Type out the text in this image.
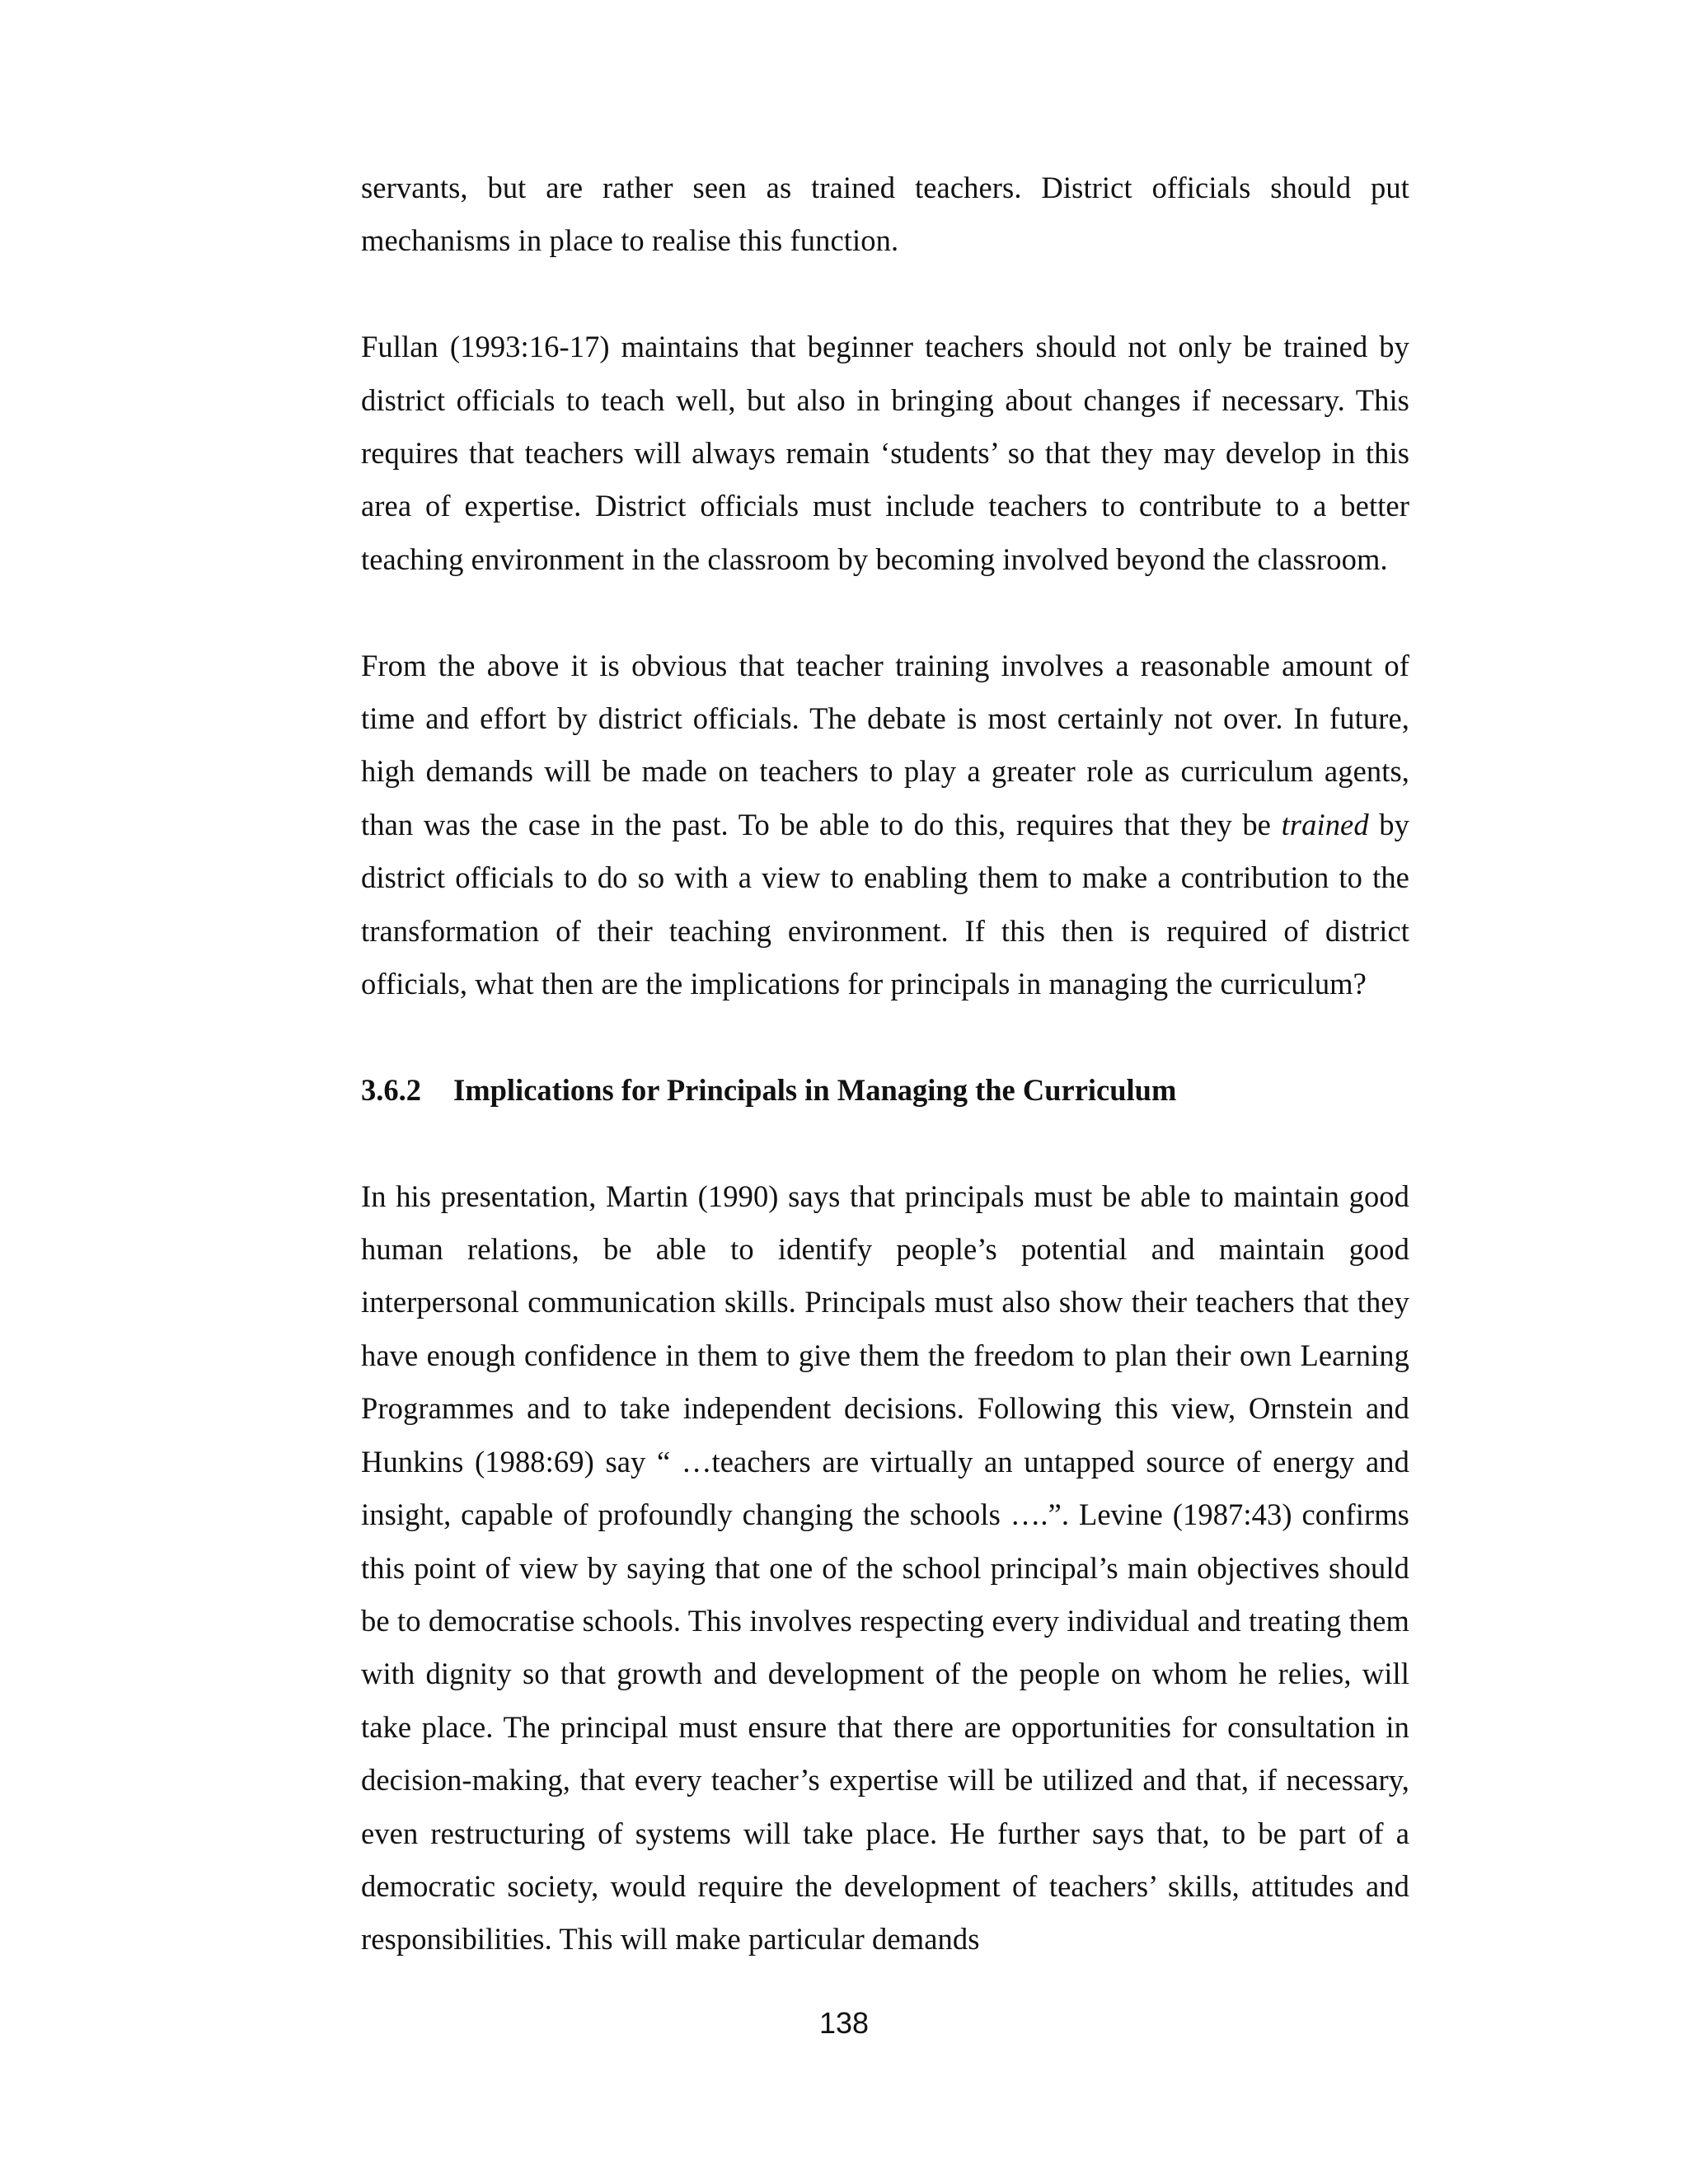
servants, but are rather seen as trained teachers. District officials should put mechanisms in place to realise this function.

Fullan (1993:16-17) maintains that beginner teachers should not only be trained by district officials to teach well, but also in bringing about changes if necessary. This requires that teachers will always remain ‘students’ so that they may develop in this area of expertise. District officials must include teachers to contribute to a better teaching environment in the classroom by becoming involved beyond the classroom.

From the above it is obvious that teacher training involves a reasonable amount of time and effort by district officials. The debate is most certainly not over. In future, high demands will be made on teachers to play a greater role as curriculum agents, than was the case in the past. To be able to do this, requires that they be trained by district officials to do so with a view to enabling them to make a contribution to the transformation of their teaching environment. If this then is required of district officials, what then are the implications for principals in managing the curriculum?

3.6.2 Implications for Principals in Managing the Curriculum

In his presentation, Martin (1990) says that principals must be able to maintain good human relations, be able to identify people’s potential and maintain good interpersonal communication skills. Principals must also show their teachers that they have enough confidence in them to give them the freedom to plan their own Learning Programmes and to take independent decisions. Following this view, Ornstein and Hunkins (1988:69) say “ …teachers are virtually an untapped source of energy and insight, capable of profoundly changing the schools ….”. Levine (1987:43) confirms this point of view by saying that one of the school principal’s main objectives should be to democratise schools. This involves respecting every individual and treating them with dignity so that growth and development of the people on whom he relies, will take place. The principal must ensure that there are opportunities for consultation in decision-making, that every teacher’s expertise will be utilized and that, if necessary, even restructuring of systems will take place. He further says that, to be part of a democratic society, would require the development of teachers’ skills, attitudes and responsibilities. This will make particular demands

138
